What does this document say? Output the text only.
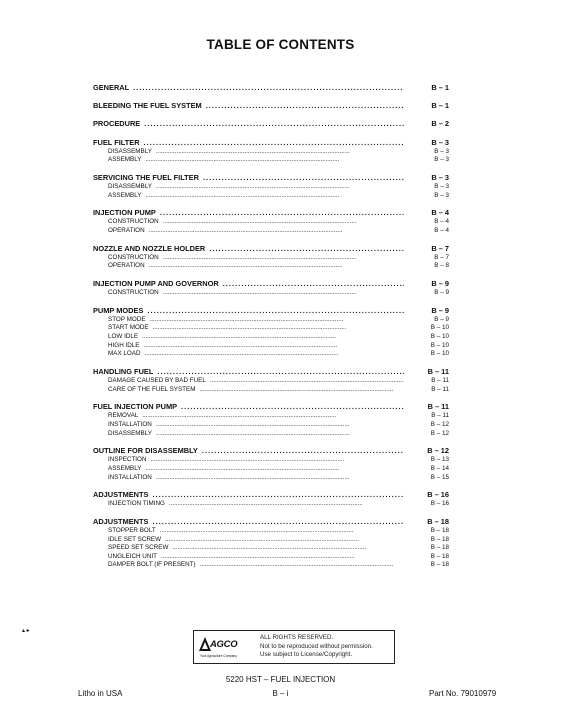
TABLE OF CONTENTS
GENERAL . . .	B – 1
BLEEDING THE FUEL SYSTEM . . .	B – 1
PROCEDURE . . .	B – 2
FUEL FILTER . . .	B – 3
DISASSEMBLY . . .	B – 3
ASSEMBLY . . .	B – 3
SERVICING THE FUEL FILTER . . .	B – 3
DISASSEMBLY . . .	B – 3
ASSEMBLY . . .	B – 3
INJECTION PUMP . . .	B – 4
CONSTRUCTION . . .	B – 4
OPERATION . . .	B – 4
NOZZLE AND NOZZLE HOLDER . . .	B – 7
CONSTRUCTION . . .	B – 7
OPERATION . . .	B – 8
INJECTION PUMP AND GOVERNOR . . .	B – 9
CONSTRUCTION . . .	B – 9
PUMP MODES . . .	B – 9
STOP MODE . . .	B – 9
START MODE . . .	B – 10
LOW IDLE . . .	B – 10
HIGH IDLE . . .	B – 10
MAX LOAD . . .	B – 10
HANDLING FUEL . . .	B – 11
DAMAGE CAUSED BY BAD FUEL . . .	B – 11
CARE OF THE FUEL SYSTEM . . .	B – 11
FUEL INJECTION PUMP . . .	B – 11
REMOVAL . . .	B – 11
INSTALLATION . . .	B – 12
DISASSEMBLY . . .	B – 12
OUTLINE FOR DISASSEMBLY . . .	B – 12
INSPECTION . . .	B – 13
ASSEMBLY . . .	B – 14
INSTALLATION . . .	B – 15
ADJUSTMENTS . . .	B – 16
INJECTION TIMING . . .	B – 16
ADJUSTMENTS . . .	B – 18
STOPPER BOLT . . .	B – 18
IDLE SET SCREW . . .	B – 18
SPEED SET SCREW . . .	B – 18
UNGLEICH UNIT . . .	B – 18
DAMPER BOLT (IF PRESENT) . . .	B – 18
▴ ▸
AGCO
Your Agriculture Company
ALL RIGHTS RESERVED.
Not to be reproduced without permission.
Use subject to License/Copyright.
5220 HST – FUEL INJECTION
Litho in USA	B – i	Part No. 79010979
